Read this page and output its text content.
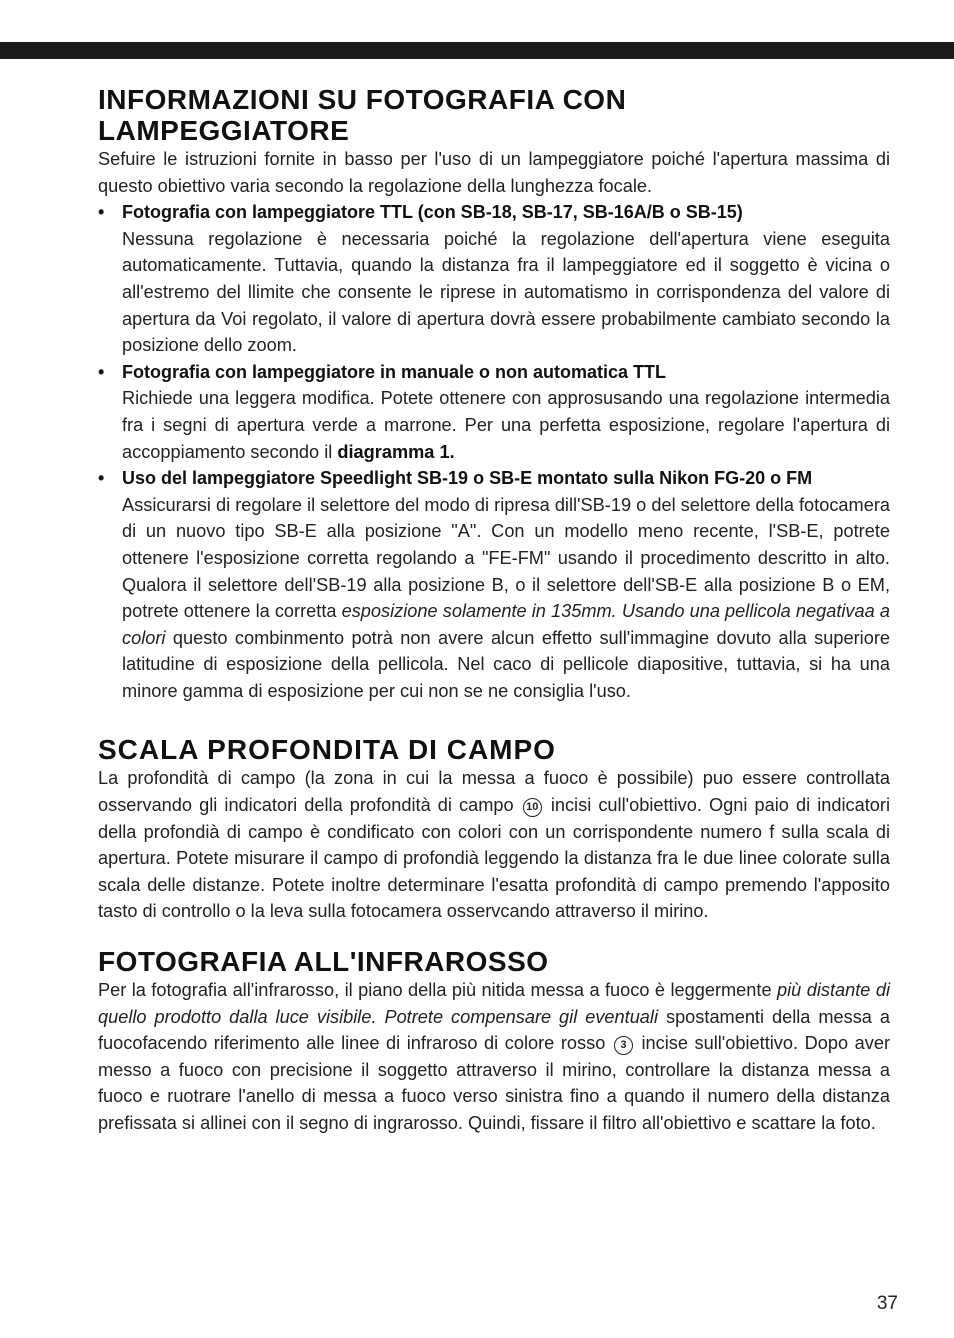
INFORMAZIONI SU FOTOGRAFIA CON
LAMPEGGIATORE

Sefuire le istruzioni fornite in basso per l'uso di un lampeggiatore poiché l'apertura massima di questo obiettivo varia secondo la regolazione della lunghezza focale.

• Fotografia con lampeggiatore TTL (con SB-18, SB-17, SB-16A/B o SB-15)

Nessuna regolazione è necessaria poiché la regolazione dell'apertura viene eseguita automaticamente. Tuttavia, quando la distanza fra il lampeggiatore ed il soggetto è vicina o all'estremo del llimite che consente le riprese in automatismo in corrispondenza del valore di apertura da Voi regolato, il valore di apertura dovrà essere probabilmente cambiato secondo la posizione dello zoom.

• Fotografia con lampeggiatore in manuale o non automatica TTL

Richiede una leggera modifica. Potete ottenere con approsusando una regolazione intermedia fra i segni di apertura verde a marrone. Per una perfetta esposizione, regolare l'apertura di accoppiamento secondo il diagramma 1.

• Uso del lampeggiatore Speedlight SB-19 o SB-E montato sulla Nikon FG-20 o FM

Assicurarsi di regolare il selettore del modo di ripresa dill'SB-19 o del selettore della fotocamera di un nuovo tipo SB-E alla posizione "A". Con un modello meno recente, l'SB-E, potrete ottenere l'esposizione corretta regolando a "FE-FM" usando il procedimento descritto in alto. Qualora il selettore dell'SB-19 alla posizione B, o il selettore dell'SB-E alla posizione B o EM, potrete ottenere la corretta esposizione solamente in 135mm. Usando una pellicola negativaa a colori questo combinmento potrà non avere alcun effetto sull'immagine dovuto alla superiore latitudine di esposizione della pellicola. Nel caco di pellicole diapositive, tuttavia, si ha una minore gamma di esposizione per cui non se ne consiglia l'uso.

SCALA PROFONDITA DI CAMPO

La profondità di campo (la zona in cui la messa a fuoco è possibile) puo essere controllata osservando gli indicatori della profondità di campo 10 incisi cull'obiettivo. Ogni paio di indicatori della profondià di campo è condificato con colori con un corrispondente numero f sulla scala di apertura. Potete misurare il campo di profondià leggendo la distanza fra le due linee colorate sulla scala delle distanze. Potete inoltre determinare l'esatta profondità di campo premendo l'apposito tasto di controllo o la leva sulla fotocamera osservcando attraverso il mirino.

FOTOGRAFIA ALL'INFRAROSSO

Per la fotografia all'infrarosso, il piano della più nitida messa a fuoco è leggermente più distante di quello prodotto dalla luce visibile. Potrete compensare gil eventuali spostamenti della messa a fuocofacendo riferimento alle linee di infraroso di colore rosso 3 incise sull'obiettivo. Dopo aver messo a fuoco con precisione il soggetto attraverso il mirino, controllare la distanza messa a fuoco e ruotrare l'anello di messa a fuoco verso sinistra fino a quando il numero della distanza prefissata si allinei con il segno di ingrarosso. Quindi, fissare il filtro all'obiettivo e scattare la foto.

37
